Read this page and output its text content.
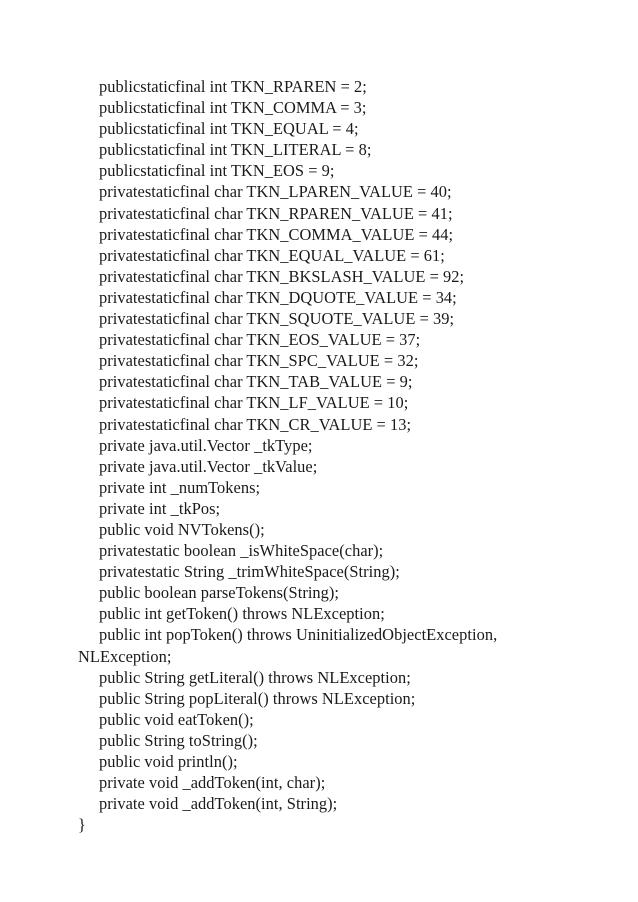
publicstaticfinal int TKN_RPAREN = 2;
publicstaticfinal int TKN_COMMA = 3;
publicstaticfinal int TKN_EQUAL = 4;
publicstaticfinal int TKN_LITERAL = 8;
publicstaticfinal int TKN_EOS = 9;
privatestaticfinal char TKN_LPAREN_VALUE = 40;
privatestaticfinal char TKN_RPAREN_VALUE = 41;
privatestaticfinal char TKN_COMMA_VALUE = 44;
privatestaticfinal char TKN_EQUAL_VALUE = 61;
privatestaticfinal char TKN_BKSLASH_VALUE = 92;
privatestaticfinal char TKN_DQUOTE_VALUE = 34;
privatestaticfinal char TKN_SQUOTE_VALUE = 39;
privatestaticfinal char TKN_EOS_VALUE = 37;
privatestaticfinal char TKN_SPC_VALUE = 32;
privatestaticfinal char TKN_TAB_VALUE = 9;
privatestaticfinal char TKN_LF_VALUE = 10;
privatestaticfinal char TKN_CR_VALUE = 13;
private java.util.Vector _tkType;
private java.util.Vector _tkValue;
private int _numTokens;
private int _tkPos;
public void NVTokens();
privatestatic boolean _isWhiteSpace(char);
privatestatic String _trimWhiteSpace(String);
public boolean parseTokens(String);
public int getToken() throws NLException;
public int popToken() throws UninitializedObjectException,
NLException;
public String getLiteral() throws NLException;
public String popLiteral() throws NLException;
public void eatToken();
public String toString();
public void println();
private void _addToken(int, char);
private void _addToken(int, String);
}
